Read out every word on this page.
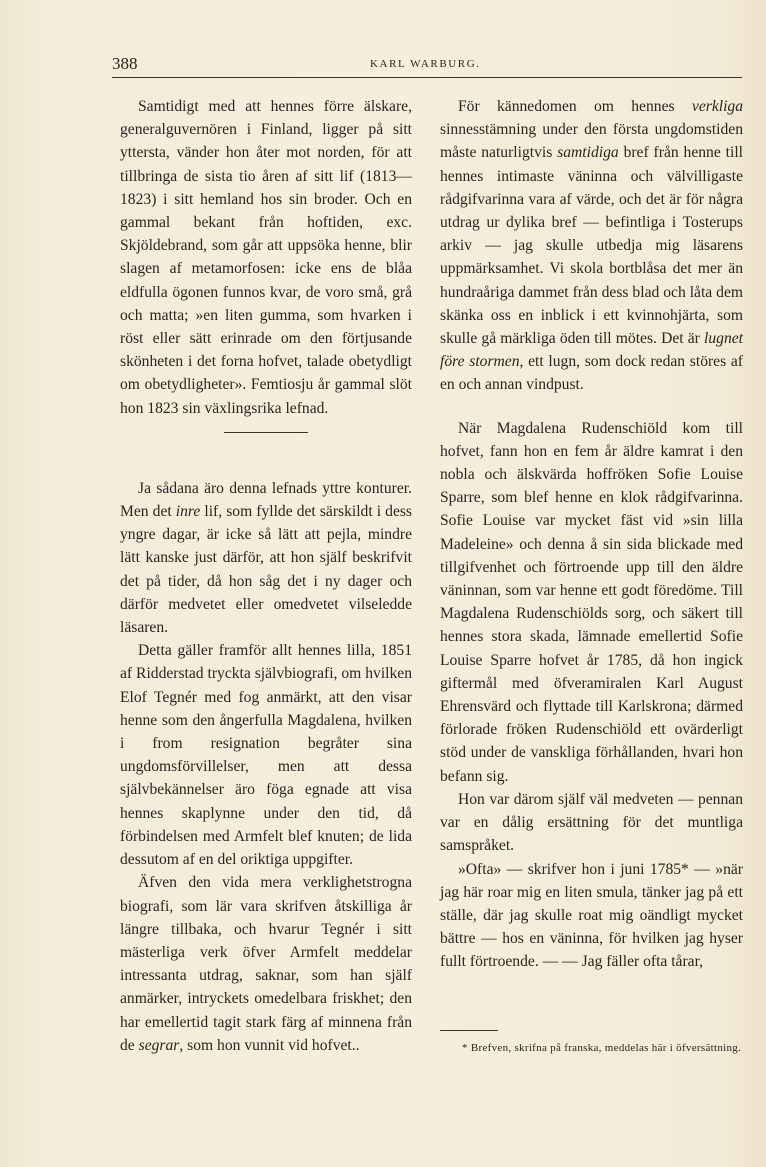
388	KARL WARBURG.

Samtidigt med att hennes förre älskare, generalguvernören i Finland, ligger på sitt yttersta, vänder hon åter mot norden, för att tillbringa de sista tio åren af sitt lif (1813—1823) i sitt hemland hos sin broder. Och en gammal bekant från hoftiden, exc. Skjöldebrand, som går att uppsöka henne, blir slagen af metamorfosen: icke ens de blåa eldfulla ögonen funnos kvar, de voro små, grå och matta; »en liten gumma, som hvarken i röst eller sätt erinrade om den förtjusande skönheten i det forna hofvet, talade obetydligt om obetydligheter». Femtiosju år gammal slöt hon 1823 sin växlingsrika lefnad.

Ja sådana äro denna lefnads yttre konturer. Men det inre lif, som fyllde det särskildt i dess yngre dagar, är icke så lätt att pejla, mindre lätt kanske just därför, att hon själf beskrifvit det på tider, då hon såg det i ny dager och därför medvetet eller omedvetet vilseledde läsaren.

Detta gäller framför allt hennes lilla, 1851 af Ridderstad tryckta självbiografi, om hvilken Elof Tegnér med fog anmärkt, att den visar henne som den ångerfulla Magdalena, hvilken i from resignation begråter sina ungdomsförvillelser, men att dessa självbekännelser äro föga egnade att visa hennes skaplynne under den tid, då förbindelsen med Armfelt blef knuten; de lida dessutom af en del oriktiga uppgifter.

Äfven den vida mera verklighetstrogna biografi, som lär vara skrifven åtskilliga år längre tillbaka, och hvarur Tegnér i sitt mästerliga verk öfver Armfelt meddelar intressanta utdrag, saknar, som han själf anmärker, intryckets omedelbara friskhet; den har emellertid tagit stark färg af minnena från de segrar, som hon vunnit vid hofvet..

För kännedomen om hennes verkliga sinnesstämning under den första ungdomstiden måste naturligtvis samtidiga bref från henne till hennes intimaste väninna och välvilligaste rådgifvarinna vara af värde, och det är för några utdrag ur dylika bref — befintliga i Tosterups arkiv — jag skulle utbedja mig läsarens uppmärksamhet. Vi skola bortblåsa det mer än hundraåriga dammet från dess blad och låta dem skänka oss en inblick i ett kvinnohjärta, som skulle gå märkliga öden till mötes. Det är lugnet före stormen, ett lugn, som dock redan störes af en och annan vindpust.

När Magdalena Rudenschiöld kom till hofvet, fann hon en fem år äldre kamrat i den nobla och älskvärda hoffröken Sofie Louise Sparre, som blef henne en klok rådgifvarinna. Sofie Louise var mycket fäst vid »sin lilla Madeleine» och denna å sin sida blickade med tillgifvenhet och förtroende upp till den äldre väninnan, som var henne ett godt föredöme. Till Magdalena Rudenschiölds sorg, och säkert till hennes stora skada, lämnade emellertid Sofie Louise Sparre hofvet år 1785, då hon ingick giftermål med öfveramiralen Karl August Ehrensvärd och flyttade till Karlskrona; därmed förlorade fröken Rudenschiöld ett ovärderligt stöd under de vanskliga förhållanden, hvari hon befann sig.

Hon var därom själf väl medveten — pennan var en dålig ersättning för det muntliga samspråket.

»Ofta» — skrifver hon i juni 1785* — »när jag här roar mig en liten smula, tänker jag på ett ställe, där jag skulle roat mig oändligt mycket bättre — hos en väninna, för hvilken jag hyser fullt förtroende. — — Jag fäller ofta tårar,

* Brefven, skrifna på franska, meddelas här i öfversättning.
